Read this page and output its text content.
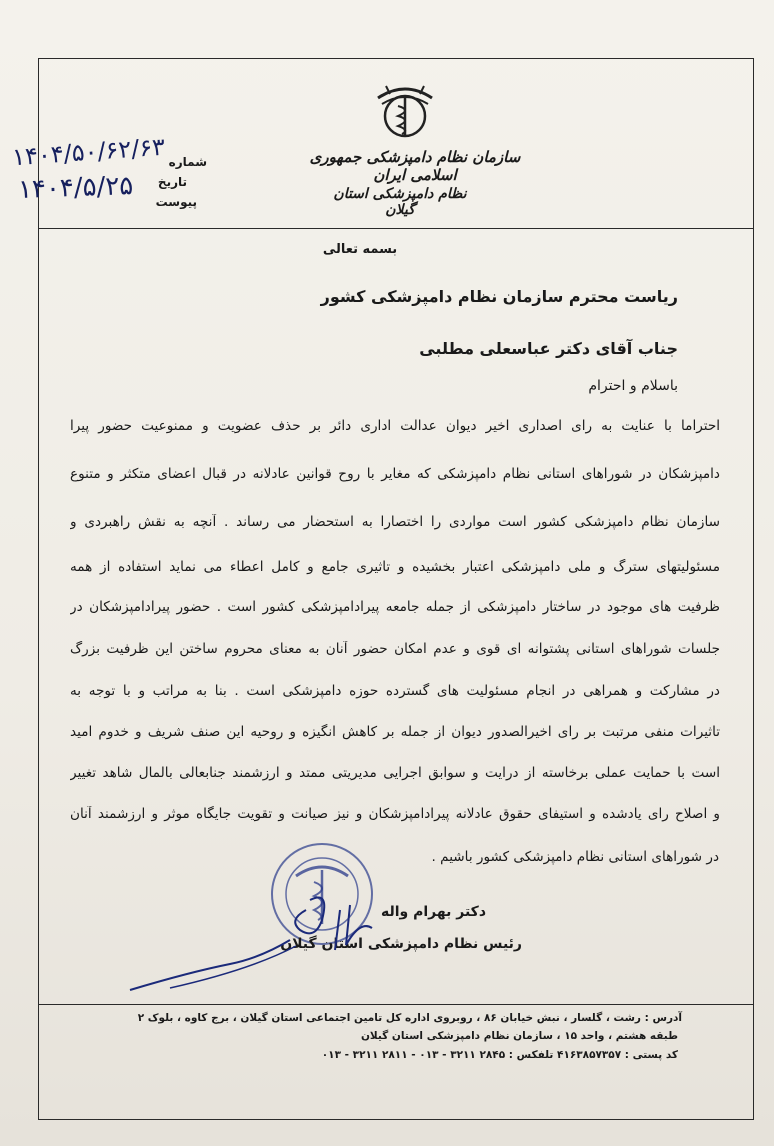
سازمان نظام دامپزشکی جمهوری اسلامی ایران
نظام دامپزشکی استان گیلان
شماره
تاریخ
پیوست
۱۴۰۴/۵۰/۶۲/۶۳
۱۴۰۴/۵/۲۵
بسمه تعالی
ریاست محترم سازمان نظام دامپزشکی کشور
جناب آقای دکتر عباسعلی مطلبی
باسلام و احترام
احتراما با عنایت به رای اصداری اخیر دیوان عدالت اداری دائر بر حذف عضویت و ممنوعیت حضور پیرا
دامپزشکان در شوراهای استانی نظام دامپزشکی که مغایر با روح قوانین عادلانه در قبال اعضای متکثر و متنوع
سازمان نظام دامپزشکی کشور است مواردی را اختصارا به استحضار می رساند . آنچه به نقش راهبردی و
مسئولیتهای سترگ و ملی دامپزشکی اعتبار بخشیده و تاثیری جامع و کامل اعطاء می نماید استفاده از همه
ظرفیت های موجود در ساختار دامپزشکی از جمله جامعه پیرادامپزشکی کشور است . حضور پیرادامپزشکان در
جلسات شوراهای استانی پشتوانه ای قوی و عدم امکان حضور آنان به معنای محروم ساختن این ظرفیت بزرگ
در مشارکت و همراهی در انجام مسئولیت های گسترده حوزه دامپزشکی است . بنا به مراتب و با توجه به
تاثیرات منفی مرتبت بر رای اخیرالصدور دیوان از جمله بر کاهش انگیزه و روحیه این صنف شریف و خدوم امید
است با حمایت عملی برخاسته از درایت و سوابق اجرایی مدیریتی ممتد و ارزشمند جنابعالی بالمال شاهد تغییر
و اصلاح رای یادشده و استیفای حقوق عادلانه پیرادامپزشکان و نیز صیانت و تقویت جایگاه موثر و ارزشمند آنان
در شوراهای استانی نظام دامپزشکی کشور باشیم .
دکتر بهرام واله
رئیس نظام دامپزشکی استان گیلان
آدرس : رشت ، گلسار ، نبش خیابان ۸۶ ، روبروی اداره کل تامین اجتماعی استان گیلان ، برج کاوه ، بلوک ۲
طبقه هشتم ، واحد ۱۵ ، سازمان نظام دامپزشکی استان گیلان
کد پستی : ۴۱۶۳۸۵۷۳۵۷ تلفکس : ۲۸۴۵ ۳۲۱۱ - ۰۱۳ - ۲۸۱۱ ۳۲۱۱ - ۰۱۳
